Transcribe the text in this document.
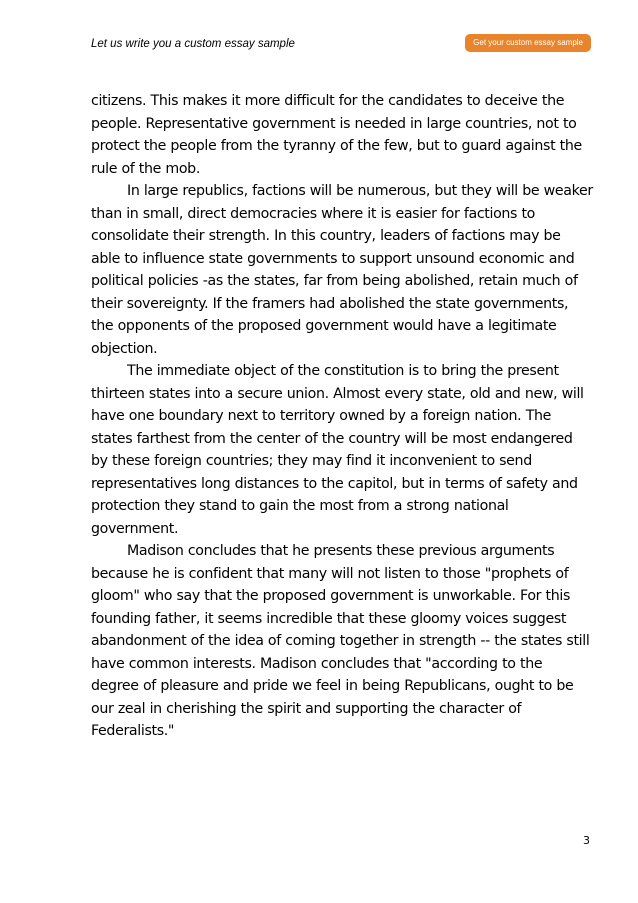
Let us write you a custom essay sample	Get your custom essay sample

citizens. This makes it more difficult for the candidates to deceive the people. Representative government is needed in large countries, not to protect the people from the tyranny of the few, but to guard against the rule of the mob.

In large republics, factions will be numerous, but they will be weaker than in small, direct democracies where it is easier for factions to consolidate their strength. In this country, leaders of factions may be able to influence state governments to support unsound economic and political policies -as the states, far from being abolished, retain much of their sovereignty. If the framers had abolished the state governments, the opponents of the proposed government would have a legitimate objection.

The immediate object of the constitution is to bring the present thirteen states into a secure union. Almost every state, old and new, will have one boundary next to territory owned by a foreign nation. The states farthest from the center of the country will be most endangered by these foreign countries; they may find it inconvenient to send representatives long distances to the capitol, but in terms of safety and protection they stand to gain the most from a strong national government.

Madison concludes that he presents these previous arguments because he is confident that many will not listen to those "prophets of gloom" who say that the proposed government is unworkable. For this founding father, it seems incredible that these gloomy voices suggest abandonment of the idea of coming together in strength -- the states still have common interests. Madison concludes that "according to the degree of pleasure and pride we feel in being Republicans, ought to be our zeal in cherishing the spirit and supporting the character of Federalists."

3
